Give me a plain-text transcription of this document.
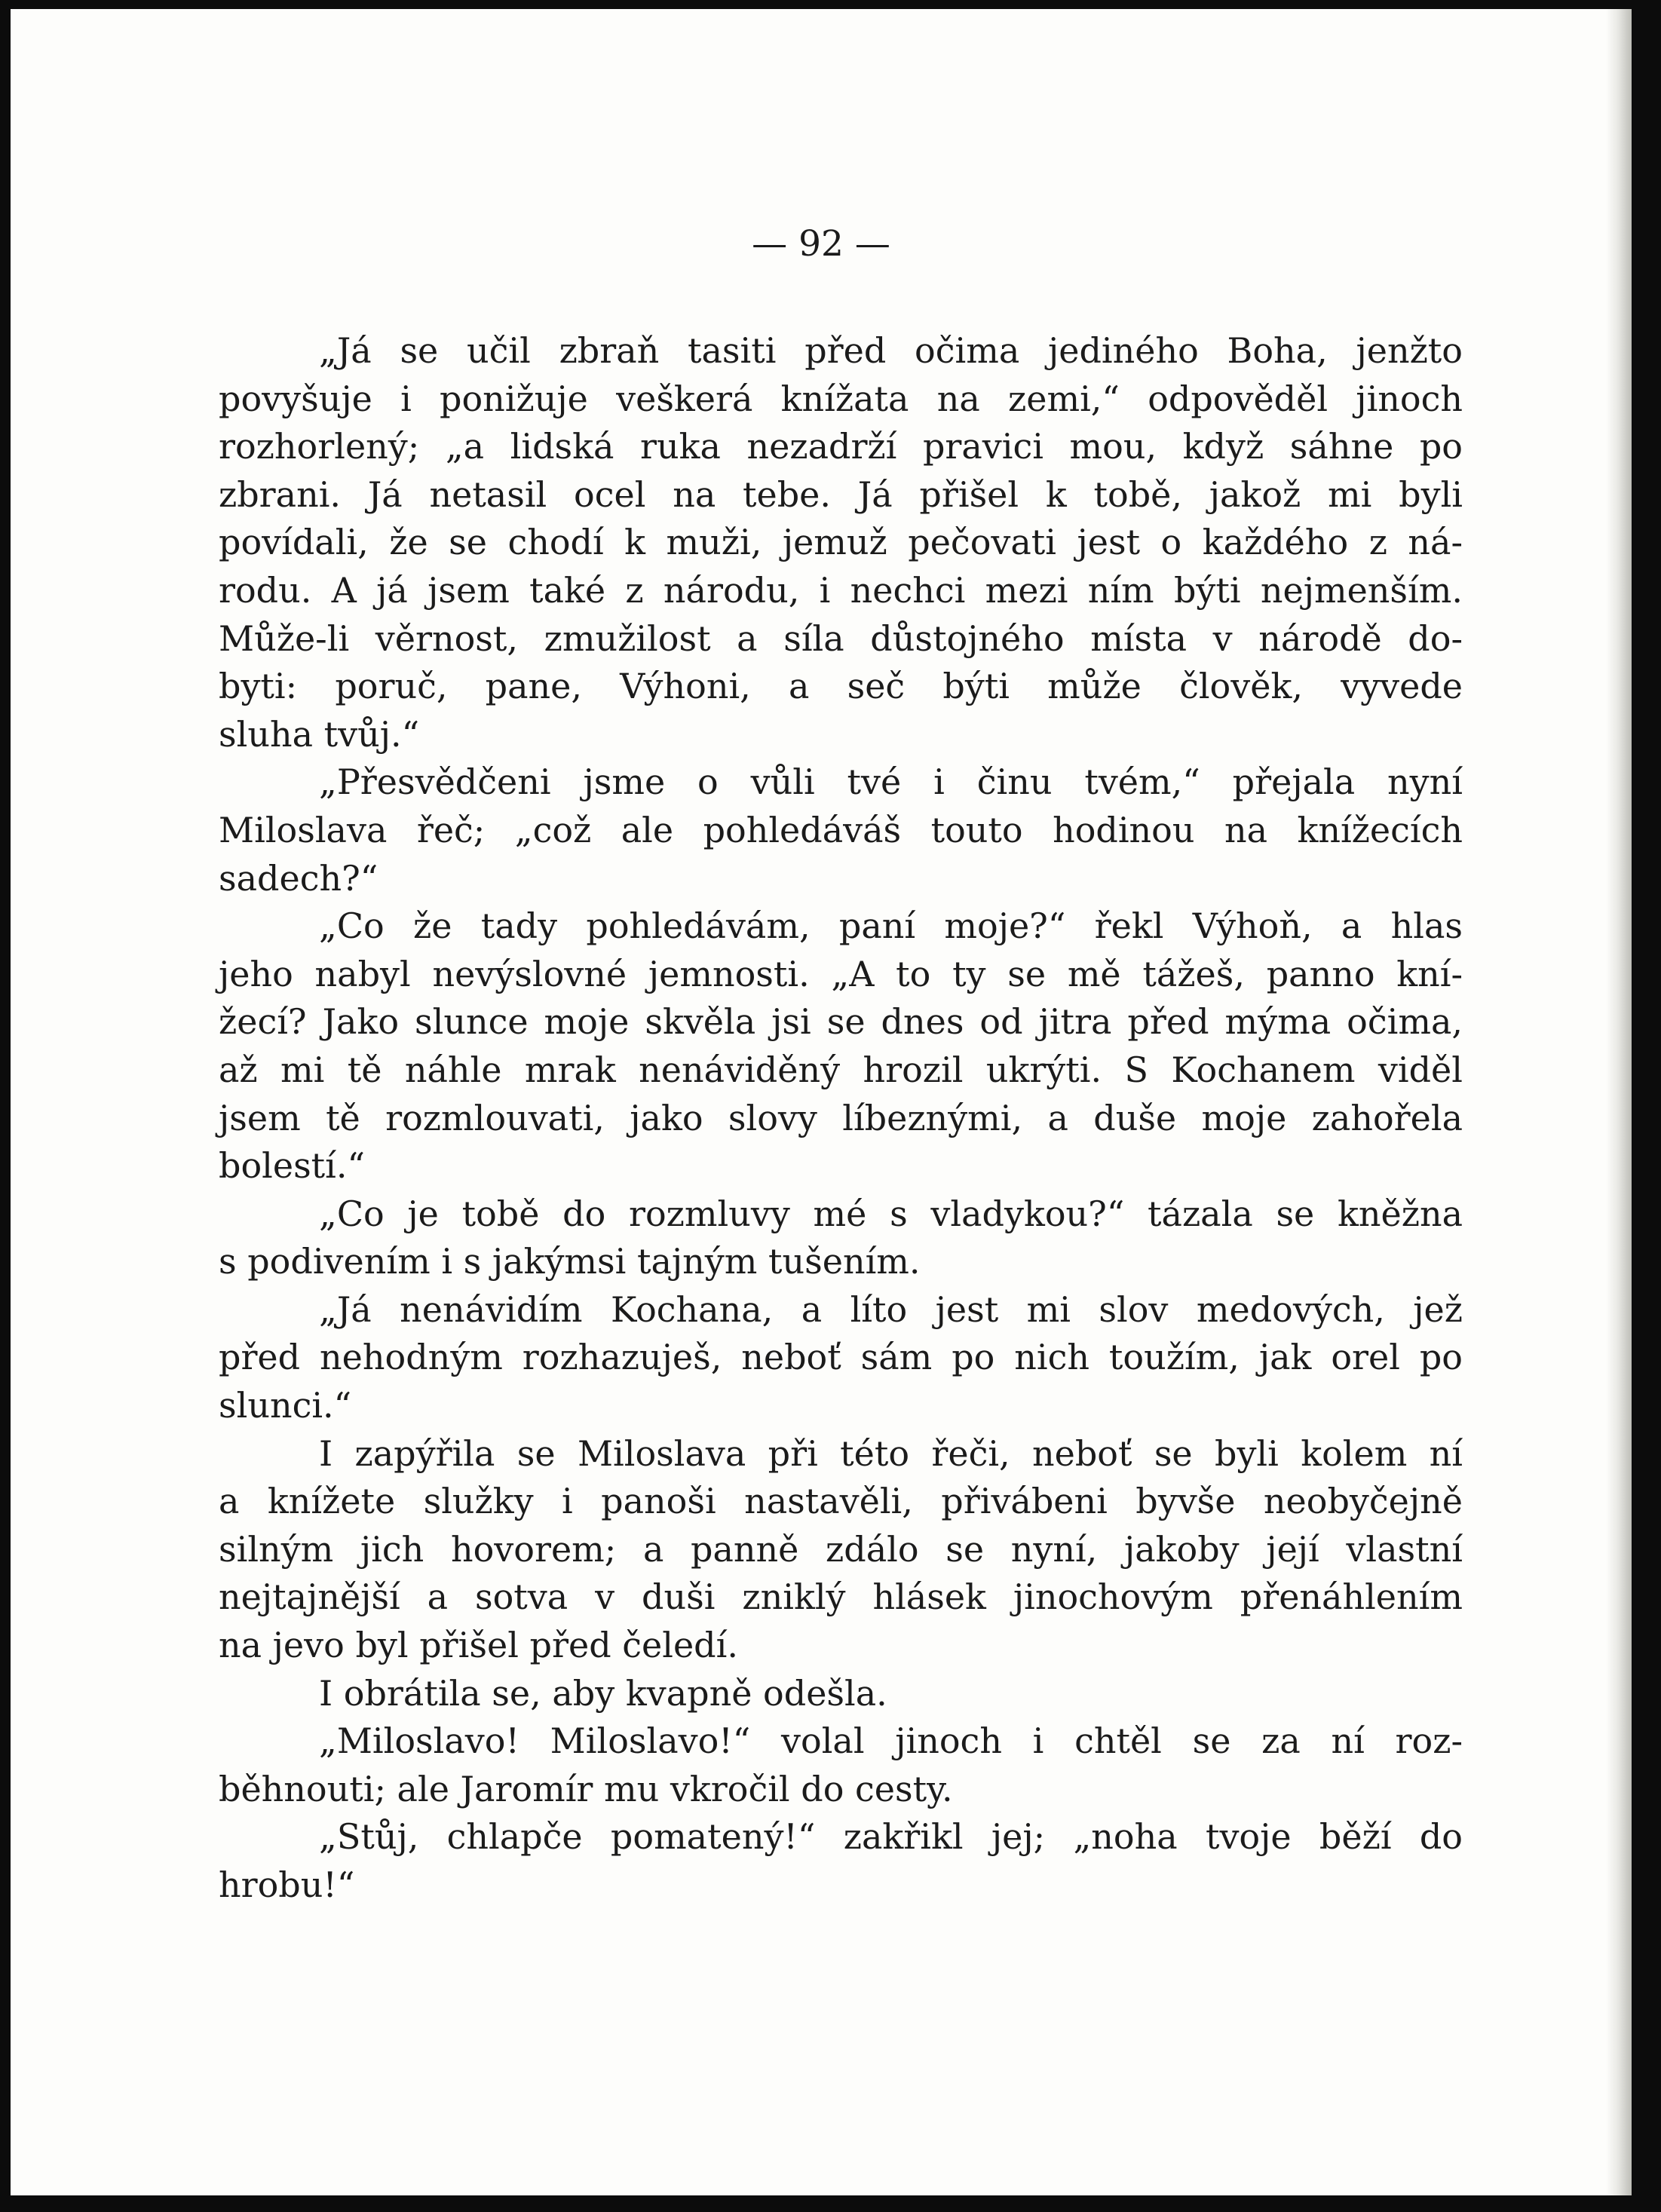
— 92 —
„Já se učil zbraň tasiti před očima jediného Boha, jenžto
povyšuje i ponižuje veškerá knížata na zemi,“ odpověděl jinoch
rozhorlený; „a lidská ruka nezadrží pravici mou, když sáhne po
zbrani. Já netasil ocel na tebe. Já přišel k tobě, jakož mi byli
povídali, že se chodí k muži, jemuž pečovati jest o každého z ná-
rodu. A já jsem také z národu, i nechci mezi ním býti nejmenším.
Může-li věrnost, zmužilost a síla důstojného místa v národě do-
byti: poruč, pane, Výhoni, a seč býti může člověk, vyvede
sluha tvůj.“
„Přesvědčeni jsme o vůli tvé i činu tvém,“ přejala nyní
Miloslava řeč; „což ale pohledáváš touto hodinou na knížecích
sadech?“
„Co že tady pohledávám, paní moje?“ řekl Výhoň, a hlas
jeho nabyl nevýslovné jemnosti. „A to ty se mě tážeš, panno kní-
žecí? Jako slunce moje skvěla jsi se dnes od jitra před mýma očima,
až mi tě náhle mrak nenáviděný hrozil ukrýti. S Kochanem viděl
jsem tě rozmlouvati, jako slovy líbeznými, a duše moje zahořela
bolestí.“
„Co je tobě do rozmluvy mé s vladykou?“ tázala se kněžna
s podivením i s jakýmsi tajným tušením.
„Já nenávidím Kochana, a líto jest mi slov medových, jež
před nehodným rozhazuješ, neboť sám po nich toužím, jak orel po
slunci.“
I zapýřila se Miloslava při této řeči, neboť se byli kolem ní
a knížete služky i panoši nastavěli, přivábeni byvše neobyčejně
silným jich hovorem; a panně zdálo se nyní, jakoby její vlastní
nejtajnější a sotva v duši zniklý hlásek jinochovým přenáhlením
na jevo byl přišel před čeledí.
I obrátila se, aby kvapně odešla.
„Miloslavo! Miloslavo!“ volal jinoch i chtěl se za ní roz-
běhnouti; ale Jaromír mu vkročil do cesty.
„Stůj, chlapče pomatený!“ zakřikl jej; „noha tvoje běží do
hrobu!“
